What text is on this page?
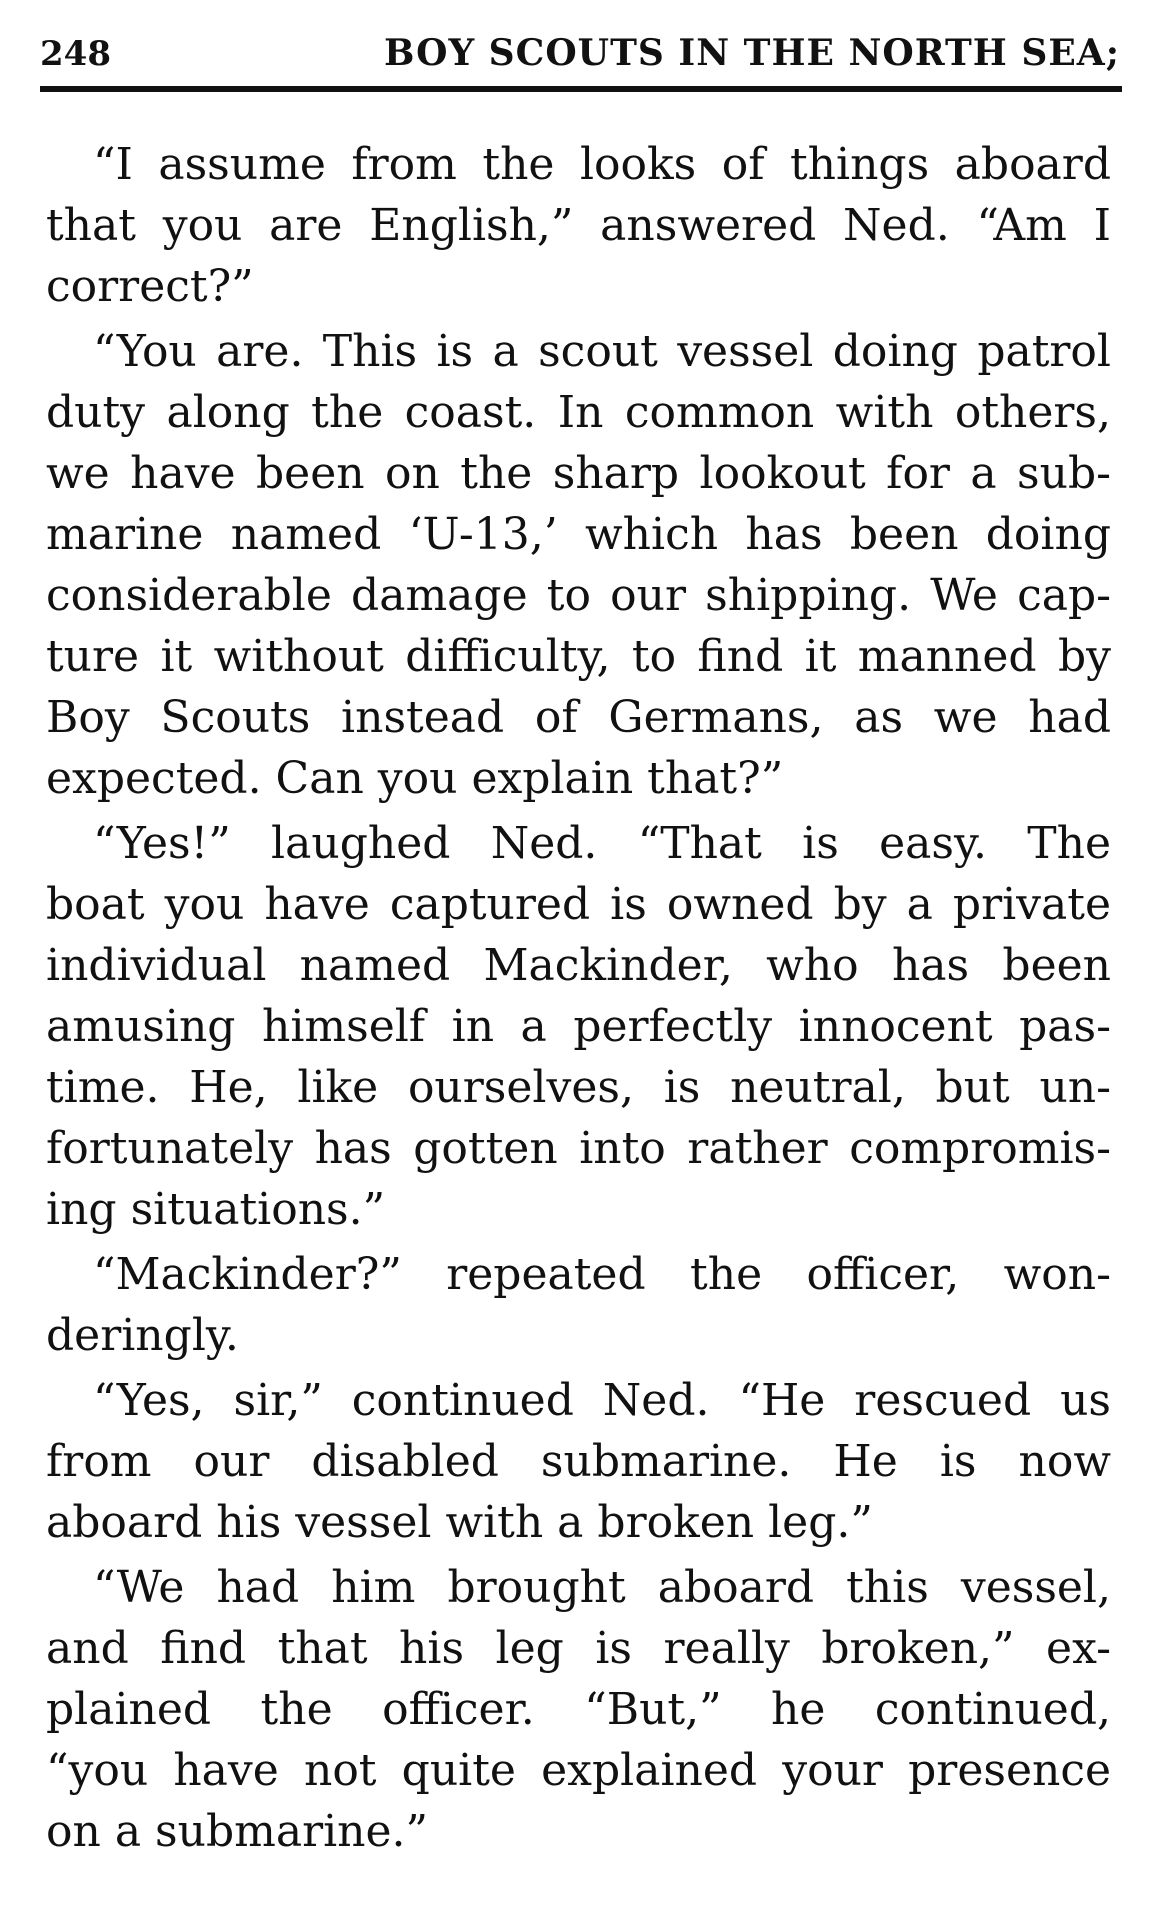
248	BOY SCOUTS IN THE NORTH SEA;

“I assume from the looks of things aboard
that you are English,” answered Ned. “Am I
correct?”

“You are. This is a scout vessel doing patrol
duty along the coast. In common with others,
we have been on the sharp lookout for a sub-
marine named ‘U-13,’ which has been doing
considerable damage to our shipping. We cap-
ture it without difficulty, to find it manned by
Boy Scouts instead of Germans, as we had
expected. Can you explain that?”

“Yes!” laughed Ned. “That is easy. The
boat you have captured is owned by a private
individual named Mackinder, who has been
amusing himself in a perfectly innocent pas-
time. He, like ourselves, is neutral, but un-
fortunately has gotten into rather compromis-
ing situations.”

“Mackinder?” repeated the officer, won-
deringly.

“Yes, sir,” continued Ned. “He rescued us
from our disabled submarine. He is now
aboard his vessel with a broken leg.”

“We had him brought aboard this vessel,
and find that his leg is really broken,” ex-
plained the officer. “But,” he continued,
“you have not quite explained your presence
on a submarine.”
